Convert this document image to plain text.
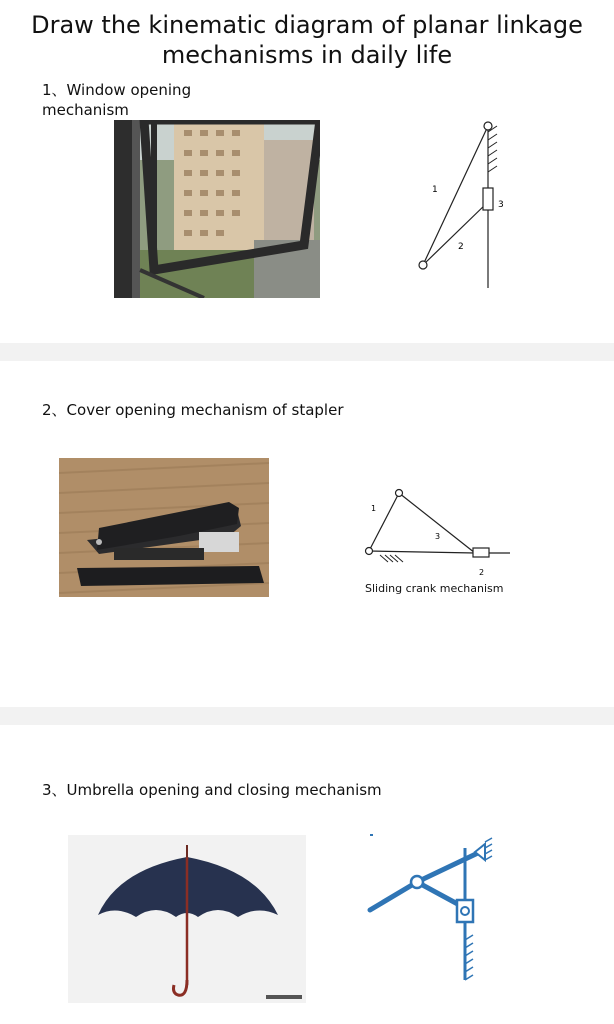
Draw the kinematic diagram of planar linkage mechanisms in daily life
1、Window opening mechanism
1
2
3
2、Cover opening mechanism of stapler
1
3
2
Sliding crank mechanism
3、Umbrella opening and closing mechanism
